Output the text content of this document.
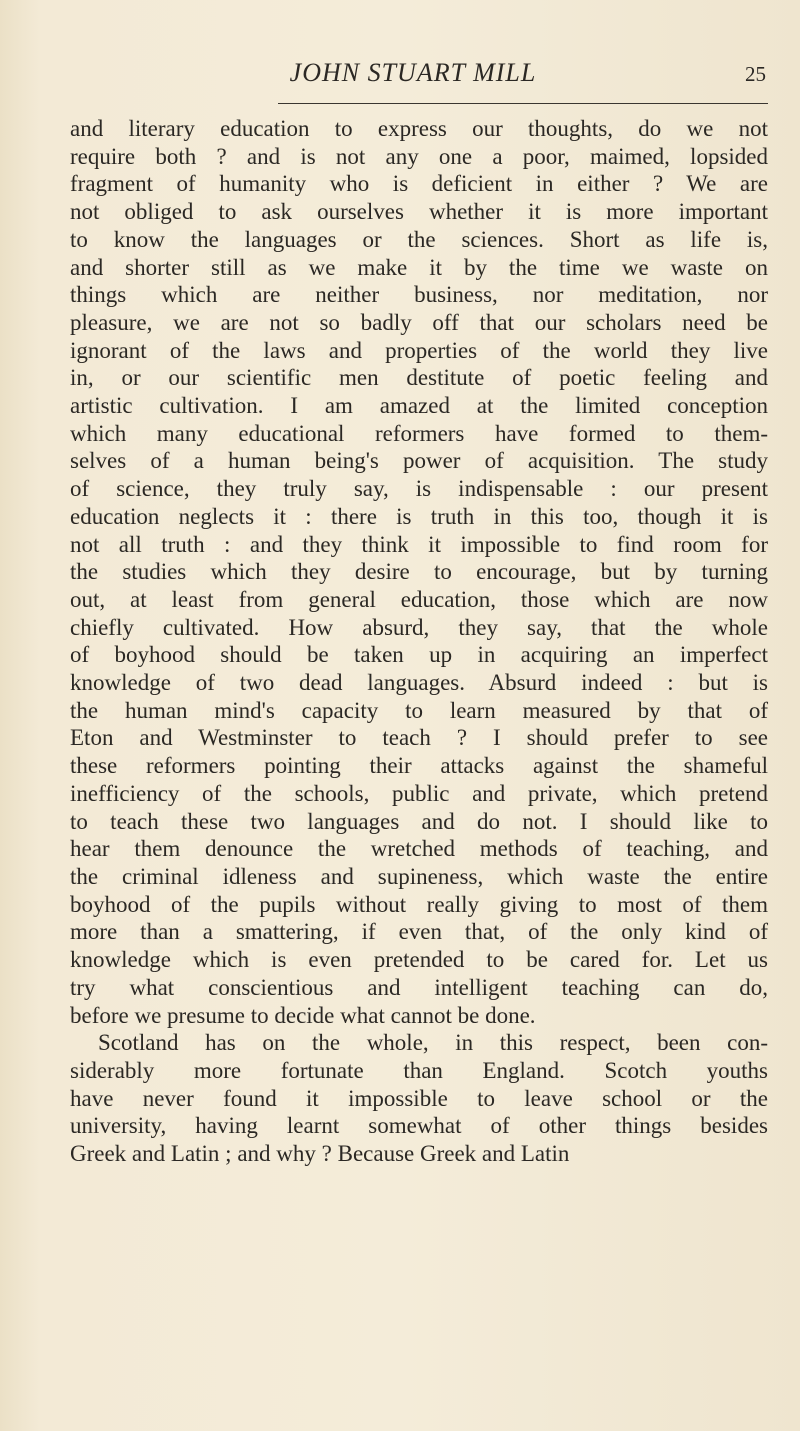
JOHN STUART MILL	25

and literary education to express our thoughts, do we not
require both ? and is not any one a poor, maimed, lopsided
fragment of humanity who is deficient in either ? We are
not obliged to ask ourselves whether it is more important
to know the languages or the sciences. Short as life is,
and shorter still as we make it by the time we waste on
things which are neither business, nor meditation, nor
pleasure, we are not so badly off that our scholars need be
ignorant of the laws and properties of the world they live
in, or our scientific men destitute of poetic feeling and
artistic cultivation. I am amazed at the limited conception
which many educational reformers have formed to them-
selves of a human being's power of acquisition. The study
of science, they truly say, is indispensable : our present
education neglects it : there is truth in this too, though it is
not all truth : and they think it impossible to find room for
the studies which they desire to encourage, but by turning
out, at least from general education, those which are now
chiefly cultivated. How absurd, they say, that the whole
of boyhood should be taken up in acquiring an imperfect
knowledge of two dead languages. Absurd indeed : but is
the human mind's capacity to learn measured by that of
Eton and Westminster to teach ? I should prefer to see
these reformers pointing their attacks against the shameful
inefficiency of the schools, public and private, which pretend
to teach these two languages and do not. I should like to
hear them denounce the wretched methods of teaching, and
the criminal idleness and supineness, which waste the entire
boyhood of the pupils without really giving to most of them
more than a smattering, if even that, of the only kind of
knowledge which is even pretended to be cared for. Let us
try what conscientious and intelligent teaching can do,
before we presume to decide what cannot be done.

Scotland has on the whole, in this respect, been con-
siderably more fortunate than England. Scotch youths
have never found it impossible to leave school or the
university, having learnt somewhat of other things besides
Greek and Latin ; and why ? Because Greek and Latin
